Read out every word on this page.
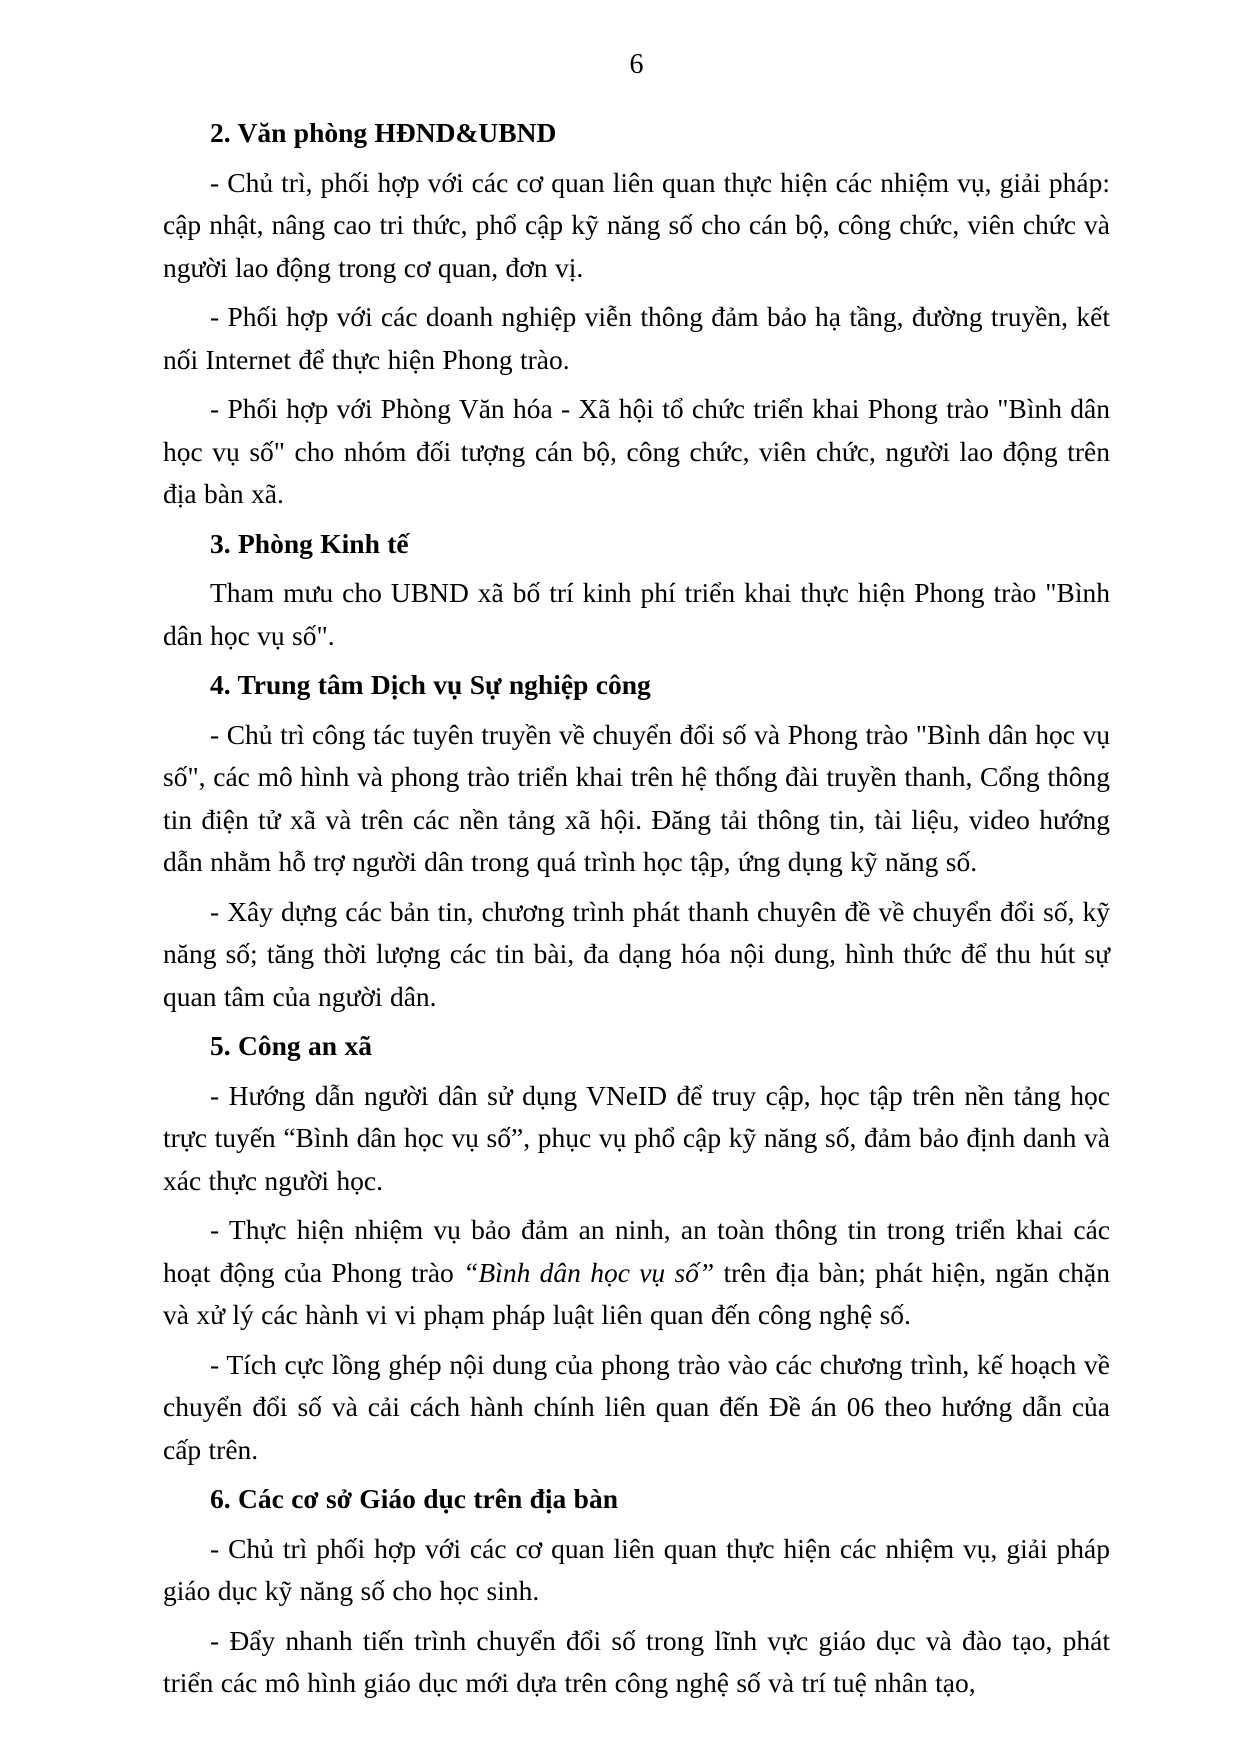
6
2. Văn phòng HĐND&UBND
- Chủ trì, phối hợp với các cơ quan liên quan thực hiện các nhiệm vụ, giải pháp: cập nhật, nâng cao tri thức, phổ cập kỹ năng số cho cán bộ, công chức, viên chức và người lao động trong cơ quan, đơn vị.
- Phối hợp với các doanh nghiệp viễn thông đảm bảo hạ tầng, đường truyền, kết nối Internet để thực hiện Phong trào.
- Phối hợp với Phòng Văn hóa - Xã hội tổ chức triển khai Phong trào "Bình dân học vụ số" cho nhóm đối tượng cán bộ, công chức, viên chức, người lao động trên địa bàn xã.
3. Phòng Kinh tế
Tham mưu cho UBND xã bố trí kinh phí triển khai thực hiện Phong trào "Bình dân học vụ số".
4. Trung tâm Dịch vụ Sự nghiệp công
- Chủ trì công tác tuyên truyền về chuyển đổi số và Phong trào "Bình dân học vụ số", các mô hình và phong trào triển khai trên hệ thống đài truyền thanh, Cổng thông tin điện tử xã và trên các nền tảng xã hội. Đăng tải thông tin, tài liệu, video hướng dẫn nhằm hỗ trợ người dân trong quá trình học tập, ứng dụng kỹ năng số.
- Xây dựng các bản tin, chương trình phát thanh chuyên đề về chuyển đổi số, kỹ năng số; tăng thời lượng các tin bài, đa dạng hóa nội dung, hình thức để thu hút sự quan tâm của người dân.
5. Công an xã
- Hướng dẫn người dân sử dụng VNeID để truy cập, học tập trên nền tảng học trực tuyến “Bình dân học vụ số”, phục vụ phổ cập kỹ năng số, đảm bảo định danh và xác thực người học.
- Thực hiện nhiệm vụ bảo đảm an ninh, an toàn thông tin trong triển khai các hoạt động của Phong trào “Bình dân học vụ số” trên địa bàn; phát hiện, ngăn chặn và xử lý các hành vi vi phạm pháp luật liên quan đến công nghệ số.
- Tích cực lồng ghép nội dung của phong trào vào các chương trình, kế hoạch về chuyển đổi số và cải cách hành chính liên quan đến Đề án 06 theo hướng dẫn của cấp trên.
6. Các cơ sở Giáo dục trên địa bàn
- Chủ trì phối hợp với các cơ quan liên quan thực hiện các nhiệm vụ, giải pháp giáo dục kỹ năng số cho học sinh.
- Đẩy nhanh tiến trình chuyển đổi số trong lĩnh vực giáo dục và đào tạo, phát triển các mô hình giáo dục mới dựa trên công nghệ số và trí tuệ nhân tạo,
